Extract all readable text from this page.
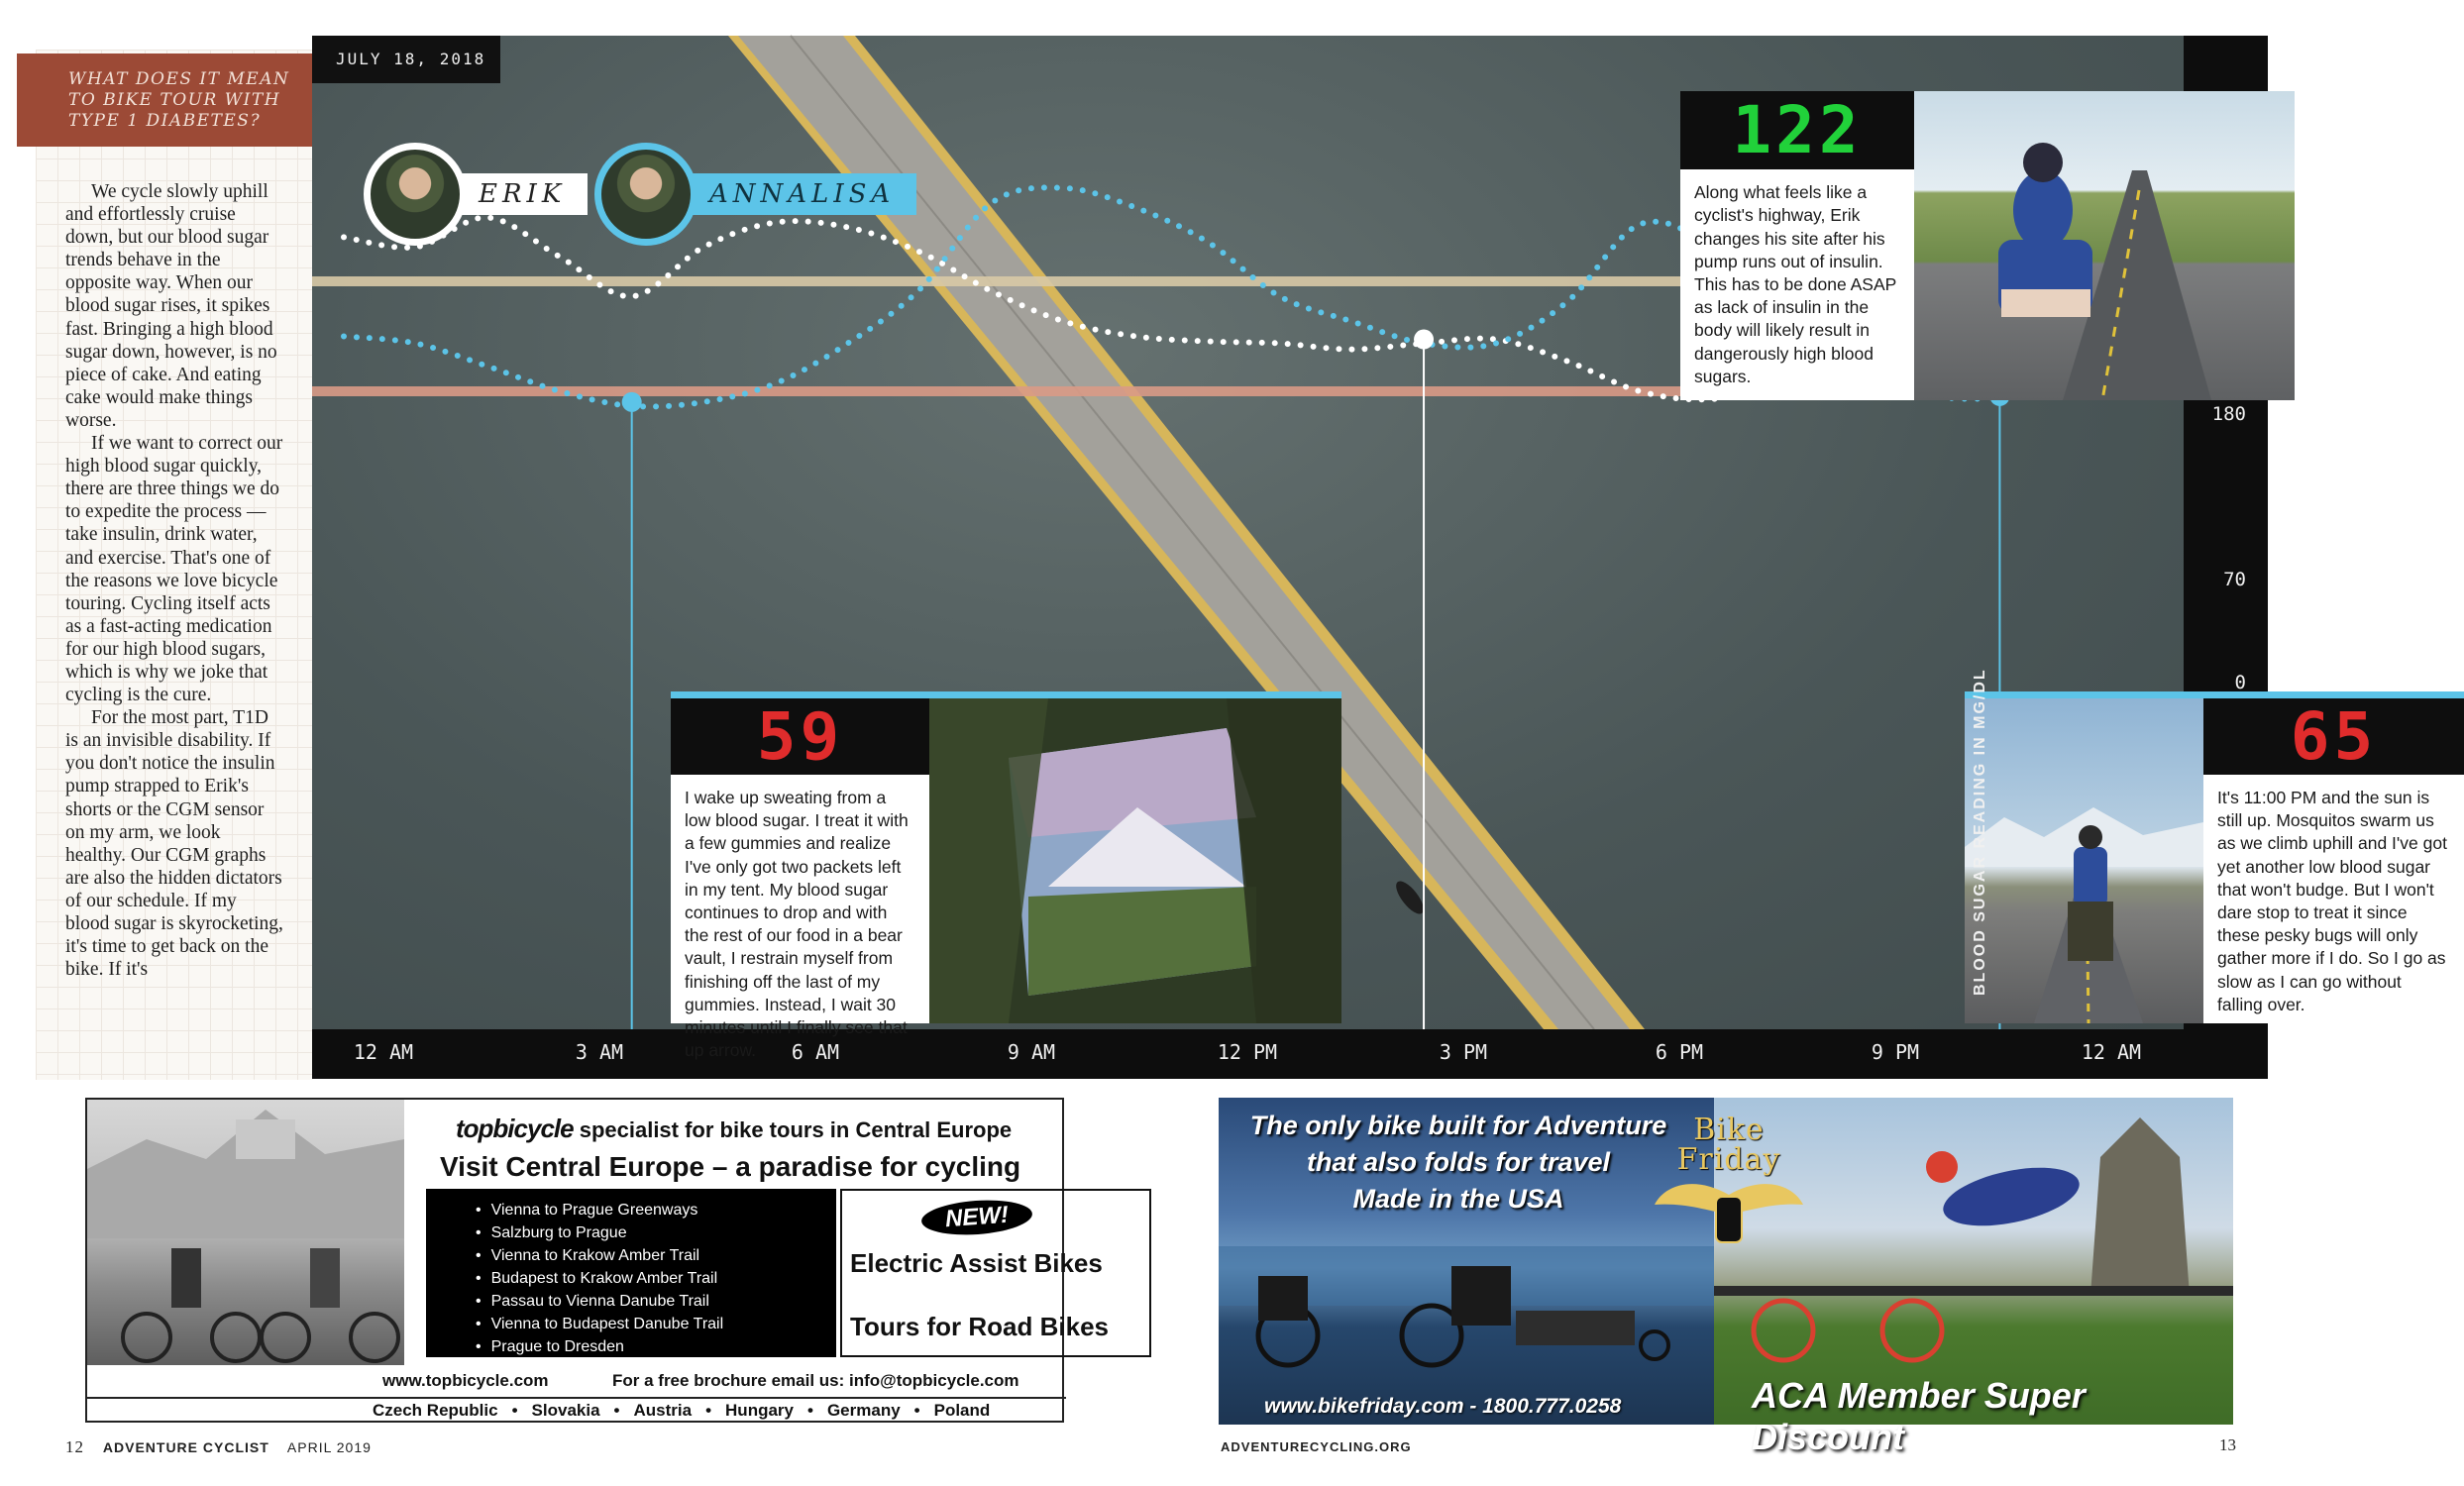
WHAT DOES IT MEAN TO BIKE TOUR WITH TYPE 1 DIABETES?

We cycle slowly uphill and effortlessly cruise down, but our blood sugar trends behave in the opposite way. When our blood sugar rises, it spikes fast. Bringing a high blood sugar down, however, is no piece of cake. And eating cake would make things worse.

If we want to correct our high blood sugar quickly, there are three things we do to expedite the process — take insulin, drink water, and exercise. That's one of the reasons we love bicycle touring. Cycling itself acts as a fast-acting medication for our high blood sugars, which is why we joke that cycling is the cure.

For the most part, T1D is an invisible disability. If you don't notice the insulin pump strapped to Erik's shorts or the CGM sensor on my arm, we look healthy. Our CGM graphs are also the hidden dictators of our schedule. If my blood sugar is skyrocketing, it's time to get back on the bike. If it's

JULY 18, 2018
ERIK	ANNALISA
180
70
0
12 AM	3 AM	6 AM	9 AM	12 PM	3 PM	6 PM	9 PM	12 AM
122
Along what feels like a cyclist's highway, Erik changes his site after his pump runs out of insulin. This has to be done ASAP as lack of insulin in the body will likely result in dangerously high blood sugars.
59
I wake up sweating from a low blood sugar. I treat it with a few gummies and realize I've only got two packets left in my tent. My blood sugar continues to drop and with the rest of our food in a bear vault, I restrain myself from finishing off the last of my gummies. Instead, I wait 30 minutes until I finally see that up arrow.
65
It's 11:00 PM and the sun is still up. Mosquitos swarm us as we climb uphill and I've got yet another low blood sugar that won't budge. But I won't dare stop to treat it since these pesky bugs will only gather more if I do. So I go as slow as I can go without falling over.
BLOOD SUGAR READING IN MG/DL
topbicycle specialist for bike tours in Central Europe
Visit Central Europe – a paradise for cycling
• Vienna to Prague Greenways
• Salzburg to Prague
• Vienna to Krakow Amber Trail
• Budapest to Krakow Amber Trail
• Passau to Vienna Danube Trail
• Vienna to Budapest Danube Trail
• Prague to Dresden
NEW!
Electric Assist Bikes
Tours for Road Bikes
www.topbicycle.com	For a free brochure email us: info@topbicycle.com
Czech Republic	• Slovakia	• Austria	• Hungary	• Germany	• Poland
The only bike built for Adventure
that also folds for travel
Made in the USA
Bike
Friday
www.bikefriday.com - 1800.777.0258	ACA Member Super Discount
12 ADVENTURE CYCLIST APRIL 2019	ADVENTURECYCLING.ORG	13
